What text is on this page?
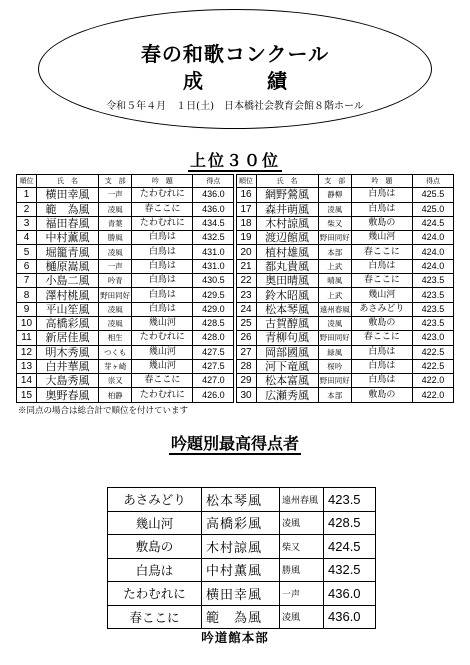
春の和歌コンクール
成　績
令和５年４月　１日(土)　日本橋社会教育会館８階ホール
上位３０位
順位	氏　名	支　部	吟　題	得点		順位	氏　名	支　部	吟　題	得点
1	横田幸風	一声	たわむれに	436.0		16	網野鶯風	静柳	白鳥は	425.5
2	範　為風	凌風	春ここに	436.0		17	森井萌風	凌風	白鳥は	425.0
3	福田春風	青葉	たわむれに	434.5		18	木村諒風	柴又	敷島の	424.5
4	中村薫風	勝風	白鳥は	432.5		19	渡辺館風	野田同好	幾山河	424.0
5	堀籠青風	凌風	白鳥は	431.0		20	植村雄風	本部	春ここに	424.0
6	樋原嵩風	一声	白鳥は	431.0		21	都丸貴風	上武	白鳥は	424.0
7	小島二風	吟青	白鳥は	430.5		22	奥田晴風	晴風	春ここに	423.5
8	澤村桃風	野田同好	白鳥は	429.5		23	鈴木昭風	上武	幾山河	423.5
9	平山笙風	凌風	白鳥は	429.0		24	松本琴風	遠州春風	あさみどり	423.5
10	高橋彩風	凌風	幾山河	428.5		25	古賀醇風	凌風	敷島の	423.5
11	新居佳風	相生	たわむれに	428.0		26	青柳句風	野田同好	春ここに	423.0
12	明木秀風	つくも	幾山河	427.5		27	岡部國風	緑風	白鳥は	422.5
13	白井華風	芽ヶ崎	幾山河	427.5		28	河下竜風	桜吟	白鳥は	422.5
14	大島秀風	崇又	春ここに	427.0		29	松本富風	野田同好	白鳥は	422.0
15	奥野春風	柏静	たわむれに	426.0		30	広瀬秀風	本部	敷島の	422.0
※同点の場合は総合計で順位を付けています
吟題別最高得点者
あさみどり	松本琴風	遠州春風	423.5
幾山河	高橋彩風	凌風	428.5
敷島の	木村諒風	柴又	424.5
白鳥は	中村薫風	勝風	432.5
たわむれに	横田幸風	一声	436.0
春ここに	範　為風	凌風	436.0
吟道館本部
